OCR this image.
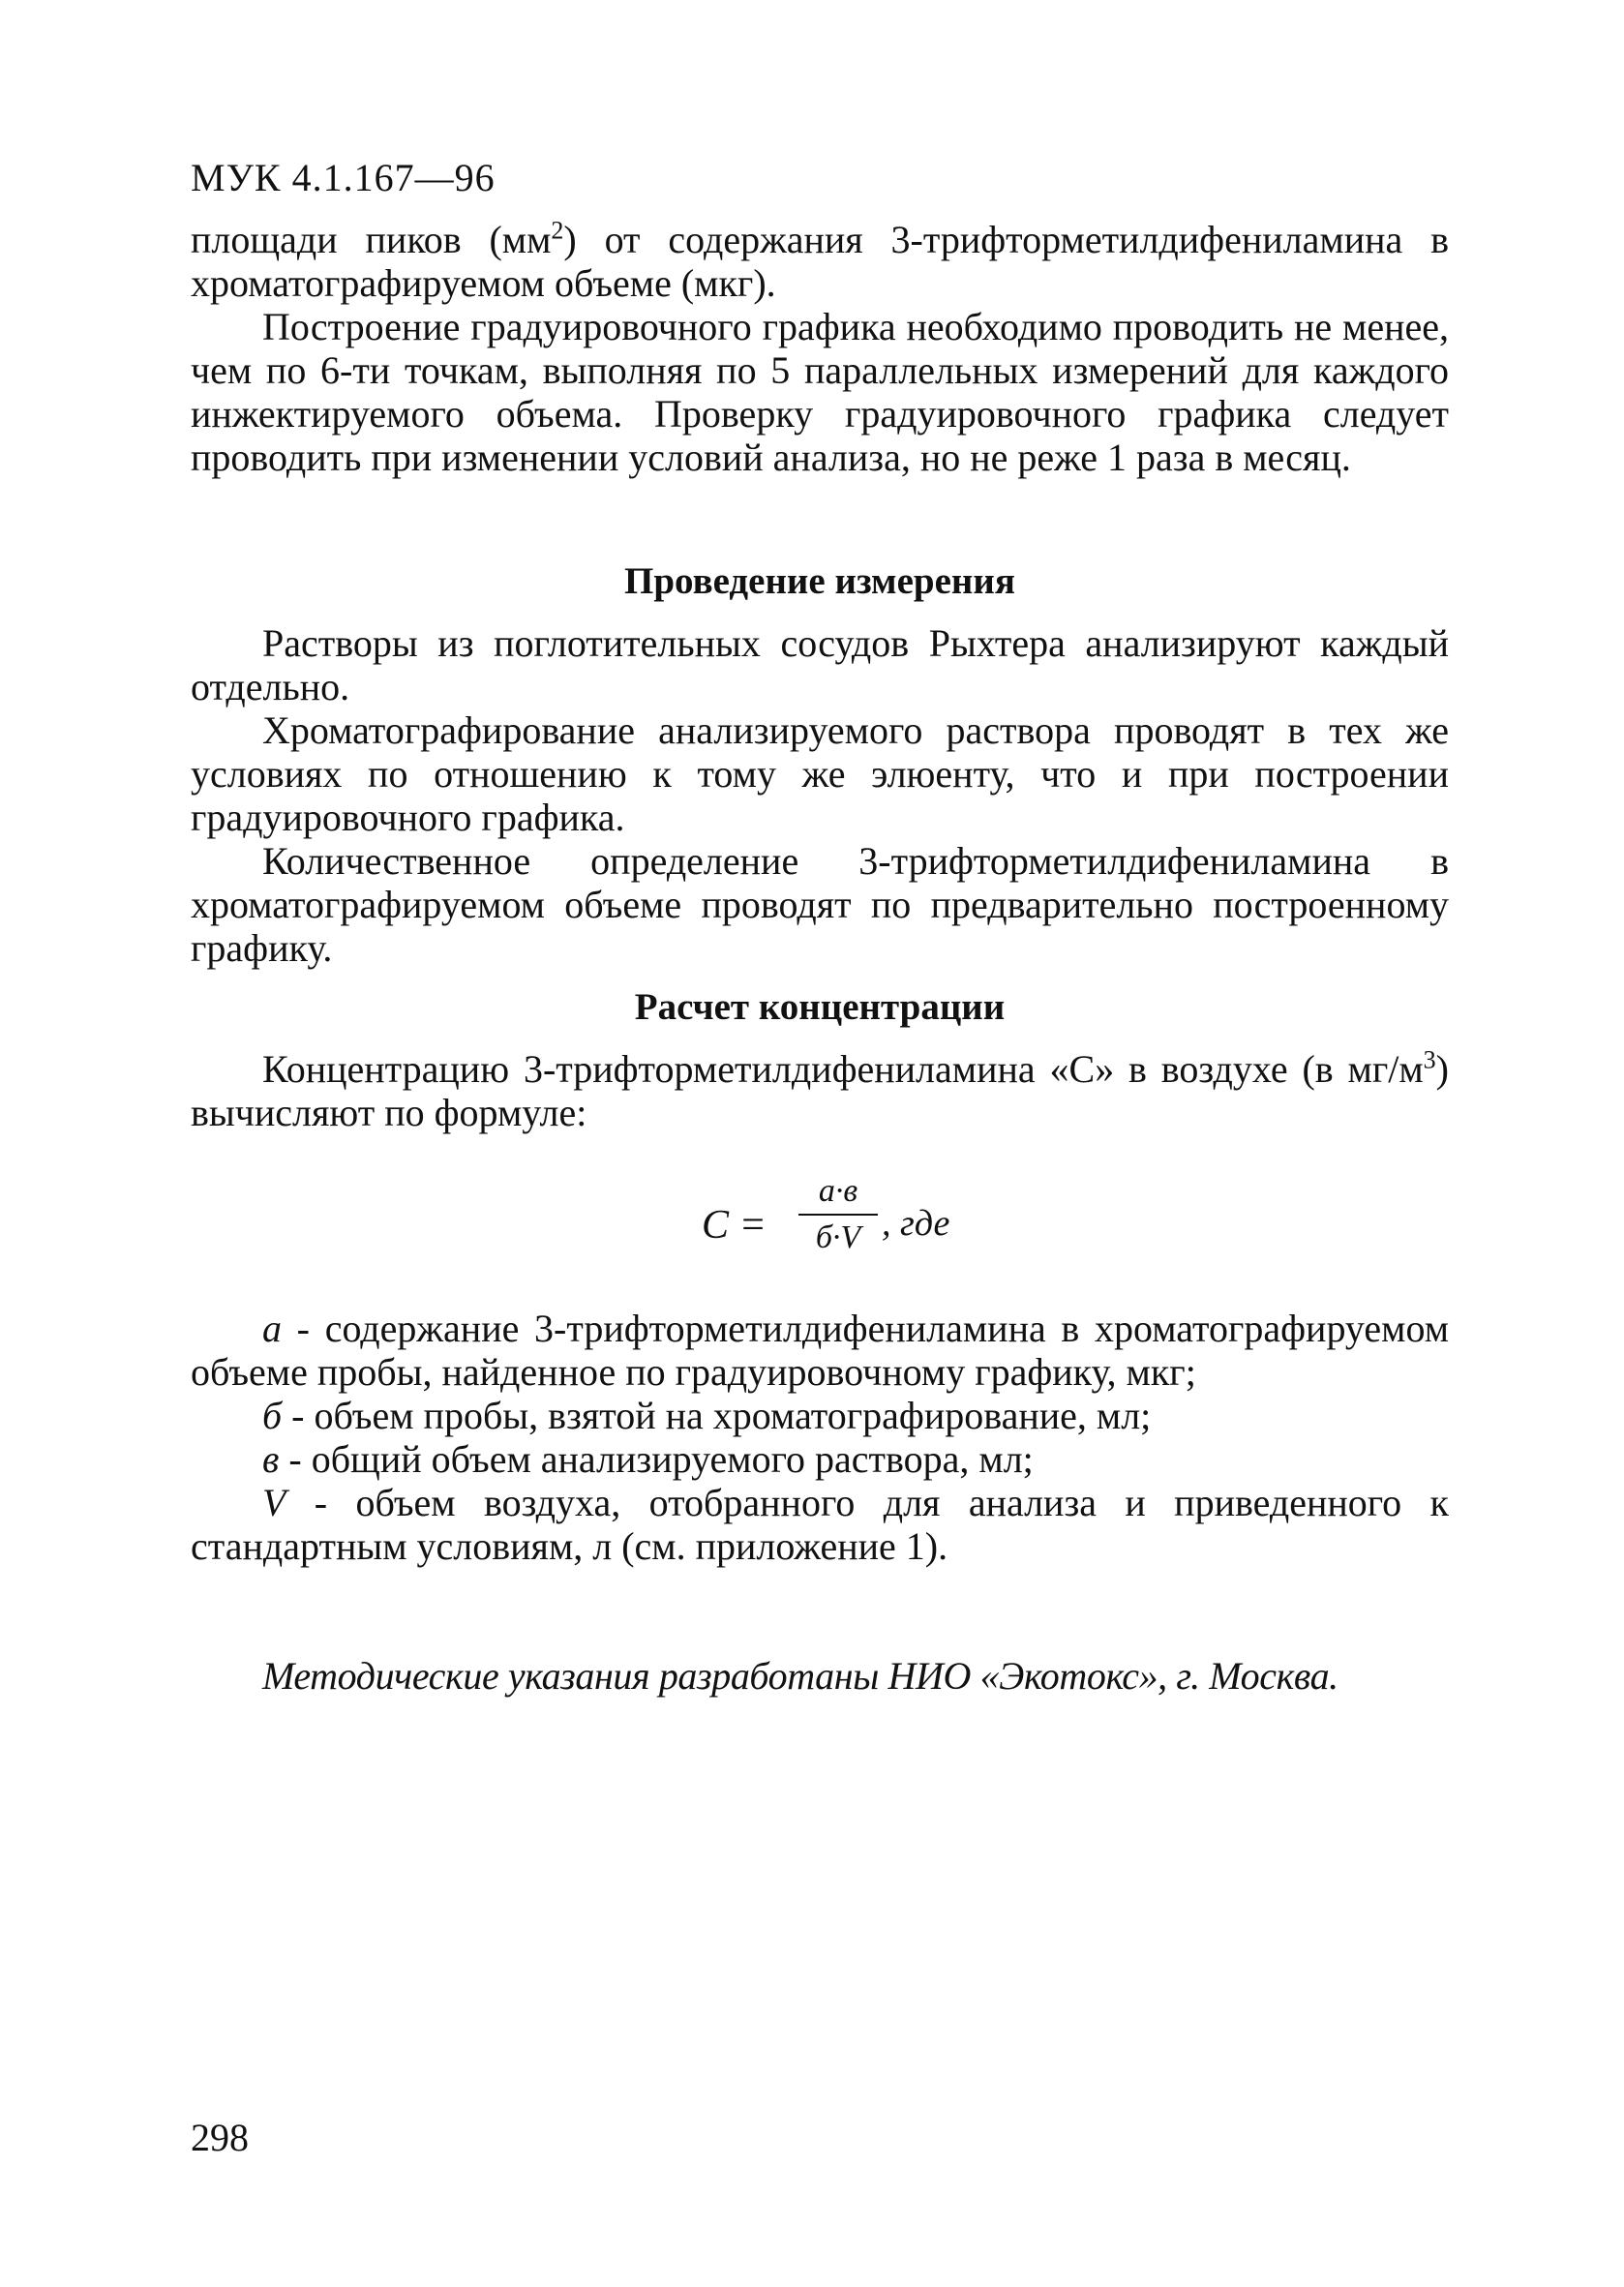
МУК 4.1.167—96

площади пиков $(мм^2)$ от содержания 3-трифторметилдифениламина в хроматографируемом объеме (мкг).

Построение градуировочного графика необходимо проводить не менее, чем по 6-ти точкам, выполняя по 5 параллельных измерений для каждого инжектируемого объема. Проверку градуировочного графика следует проводить при изменении условий анализа, но не реже 1 раза в месяц.

Проведение измерения

Растворы из поглотительных сосудов Рыхтера анализируют каждый отдельно.

Хроматографирование анализируемого раствора проводят в тех же условиях по отношению к тому же элюенту, что и при построении градуировочного графика.

Количественное определение 3-трифторметилдифениламина в хроматографируемом объеме проводят по предварительно построенному графику.

Расчет концентрации

Концентрацию 3-трифторметилдифениламина «C» в воздухе (в $мг/м^3$) вычисляют по формуле:

C =
a·в
б·V , где

а - содержание 3-трифторметилдифениламина в хроматографируемом объеме пробы, найденное по градуировочному графику, мкг;

б - объем пробы, взятой на хроматографирование, мл;

в - общий объем анализируемого раствора, мл;

V - объем воздуха, отобранного для анализа и приведенного к стандартным условиям, л (см. приложение 1).

Методические указания разработаны НИО «Экотокс», г. Москва.
298
